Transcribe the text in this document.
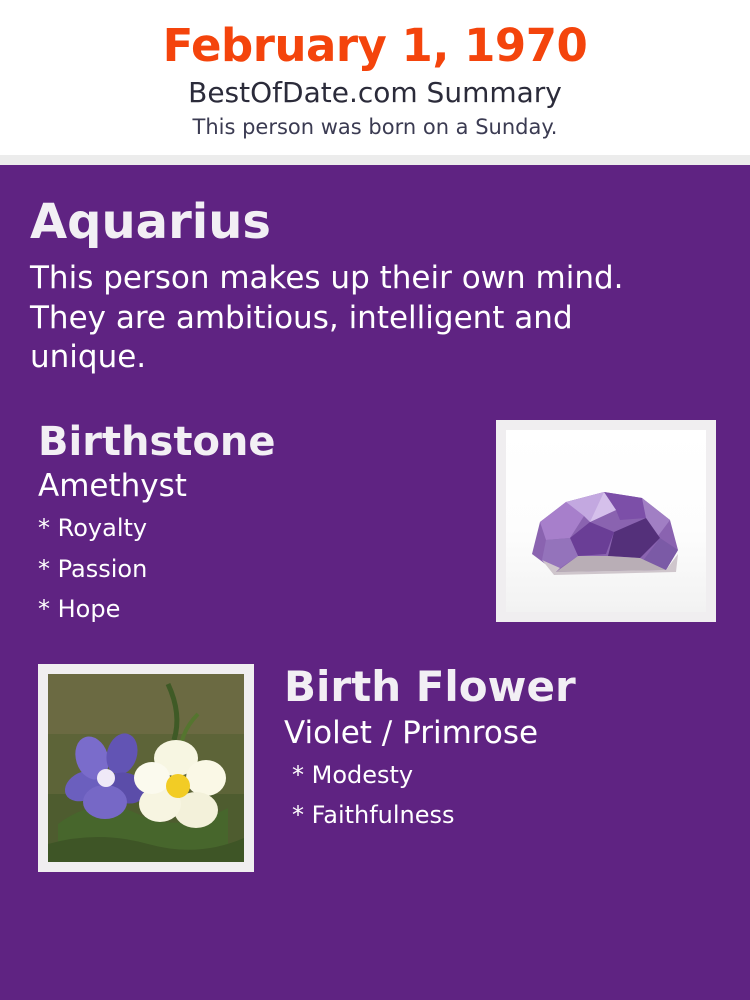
February 1, 1970
BestOfDate.com Summary
This person was born on a Sunday.
Aquarius
This person makes up their own mind. They are ambitious, intelligent and unique.
Birthstone
Amethyst
* Royalty
* Passion
* Hope
Birth Flower
Violet / Primrose
* Modesty
* Faithfulness
